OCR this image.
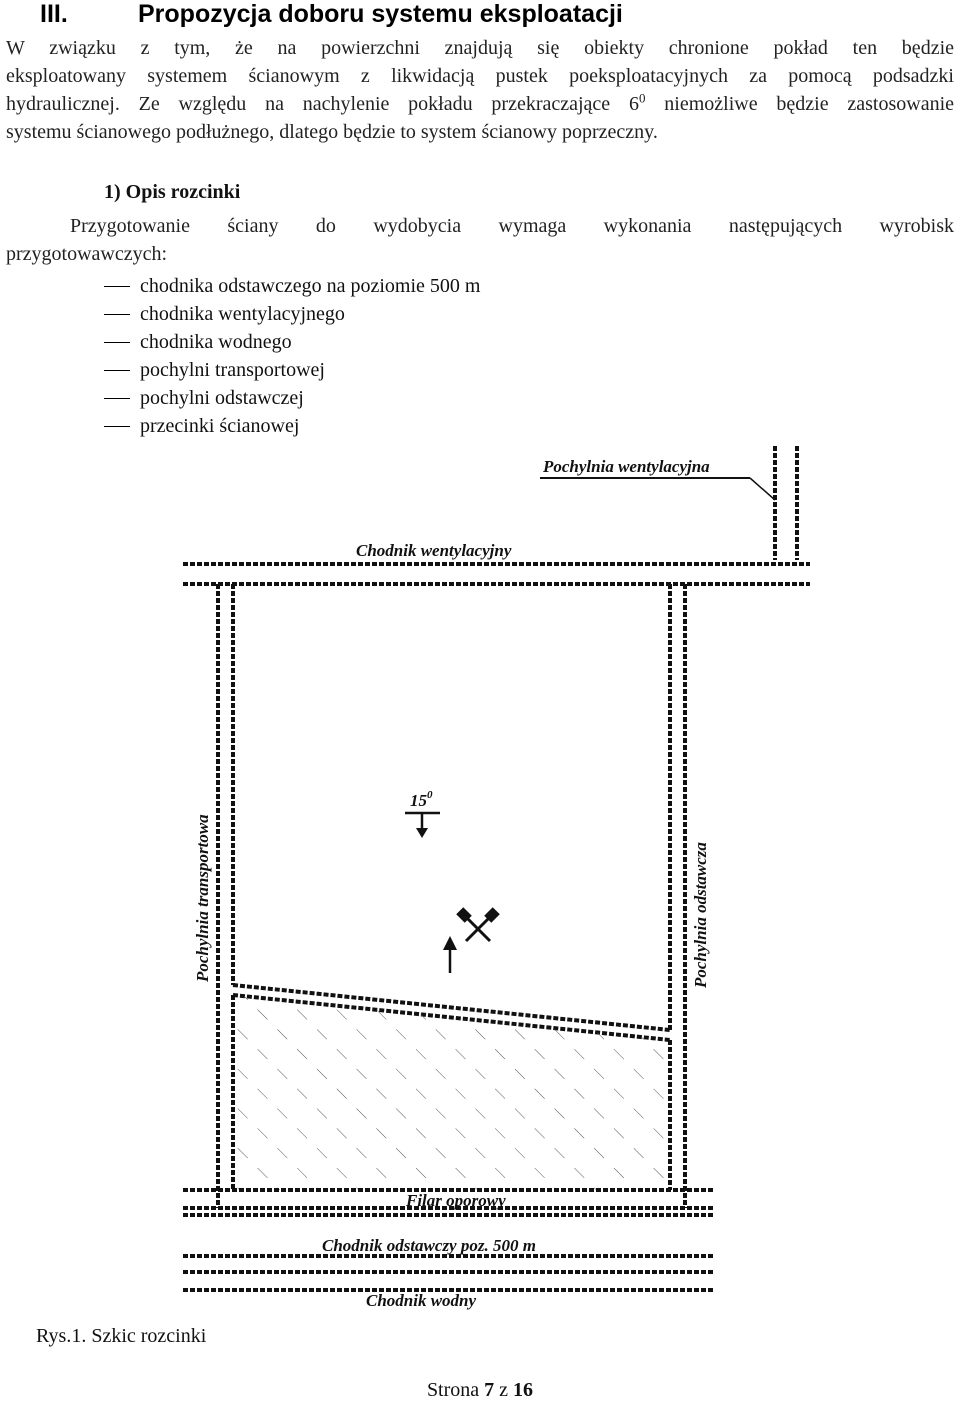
III.	Propozycja doboru systemu eksploatacji
W związku z tym, że na powierzchni znajdują się obiekty chronione pokład ten będzie
eksploatowany systemem ścianowym z likwidacją pustek poeksploatacyjnych za pomocą podsadzki
hydraulicznej. Ze względu na nachylenie pokładu przekraczające $6^0$ niemożliwe będzie zastosowanie
systemu ścianowego podłużnego, dlatego będzie to system ścianowy poprzeczny.
1) Opis rozcinki
Przygotowanie ściany do wydobycia wymaga wykonania następujących wyrobisk
przygotowawczych:
chodnika odstawczego na poziomie 500 m
chodnika wentylacyjnego
chodnika wodnego
pochylni transportowej
pochylni odstawczej
przecinki ścianowej
Pochylnia wentylacyjna
Chodnik wentylacyjny
Pochylnia transportowa	Pochylnia odstawcza
$15^0$
Filar oporowy
Chodnik odstawczy poz. 500 m
Chodnik wodny
Rys.1. Szkic rozcinki
Strona 7 z 16
